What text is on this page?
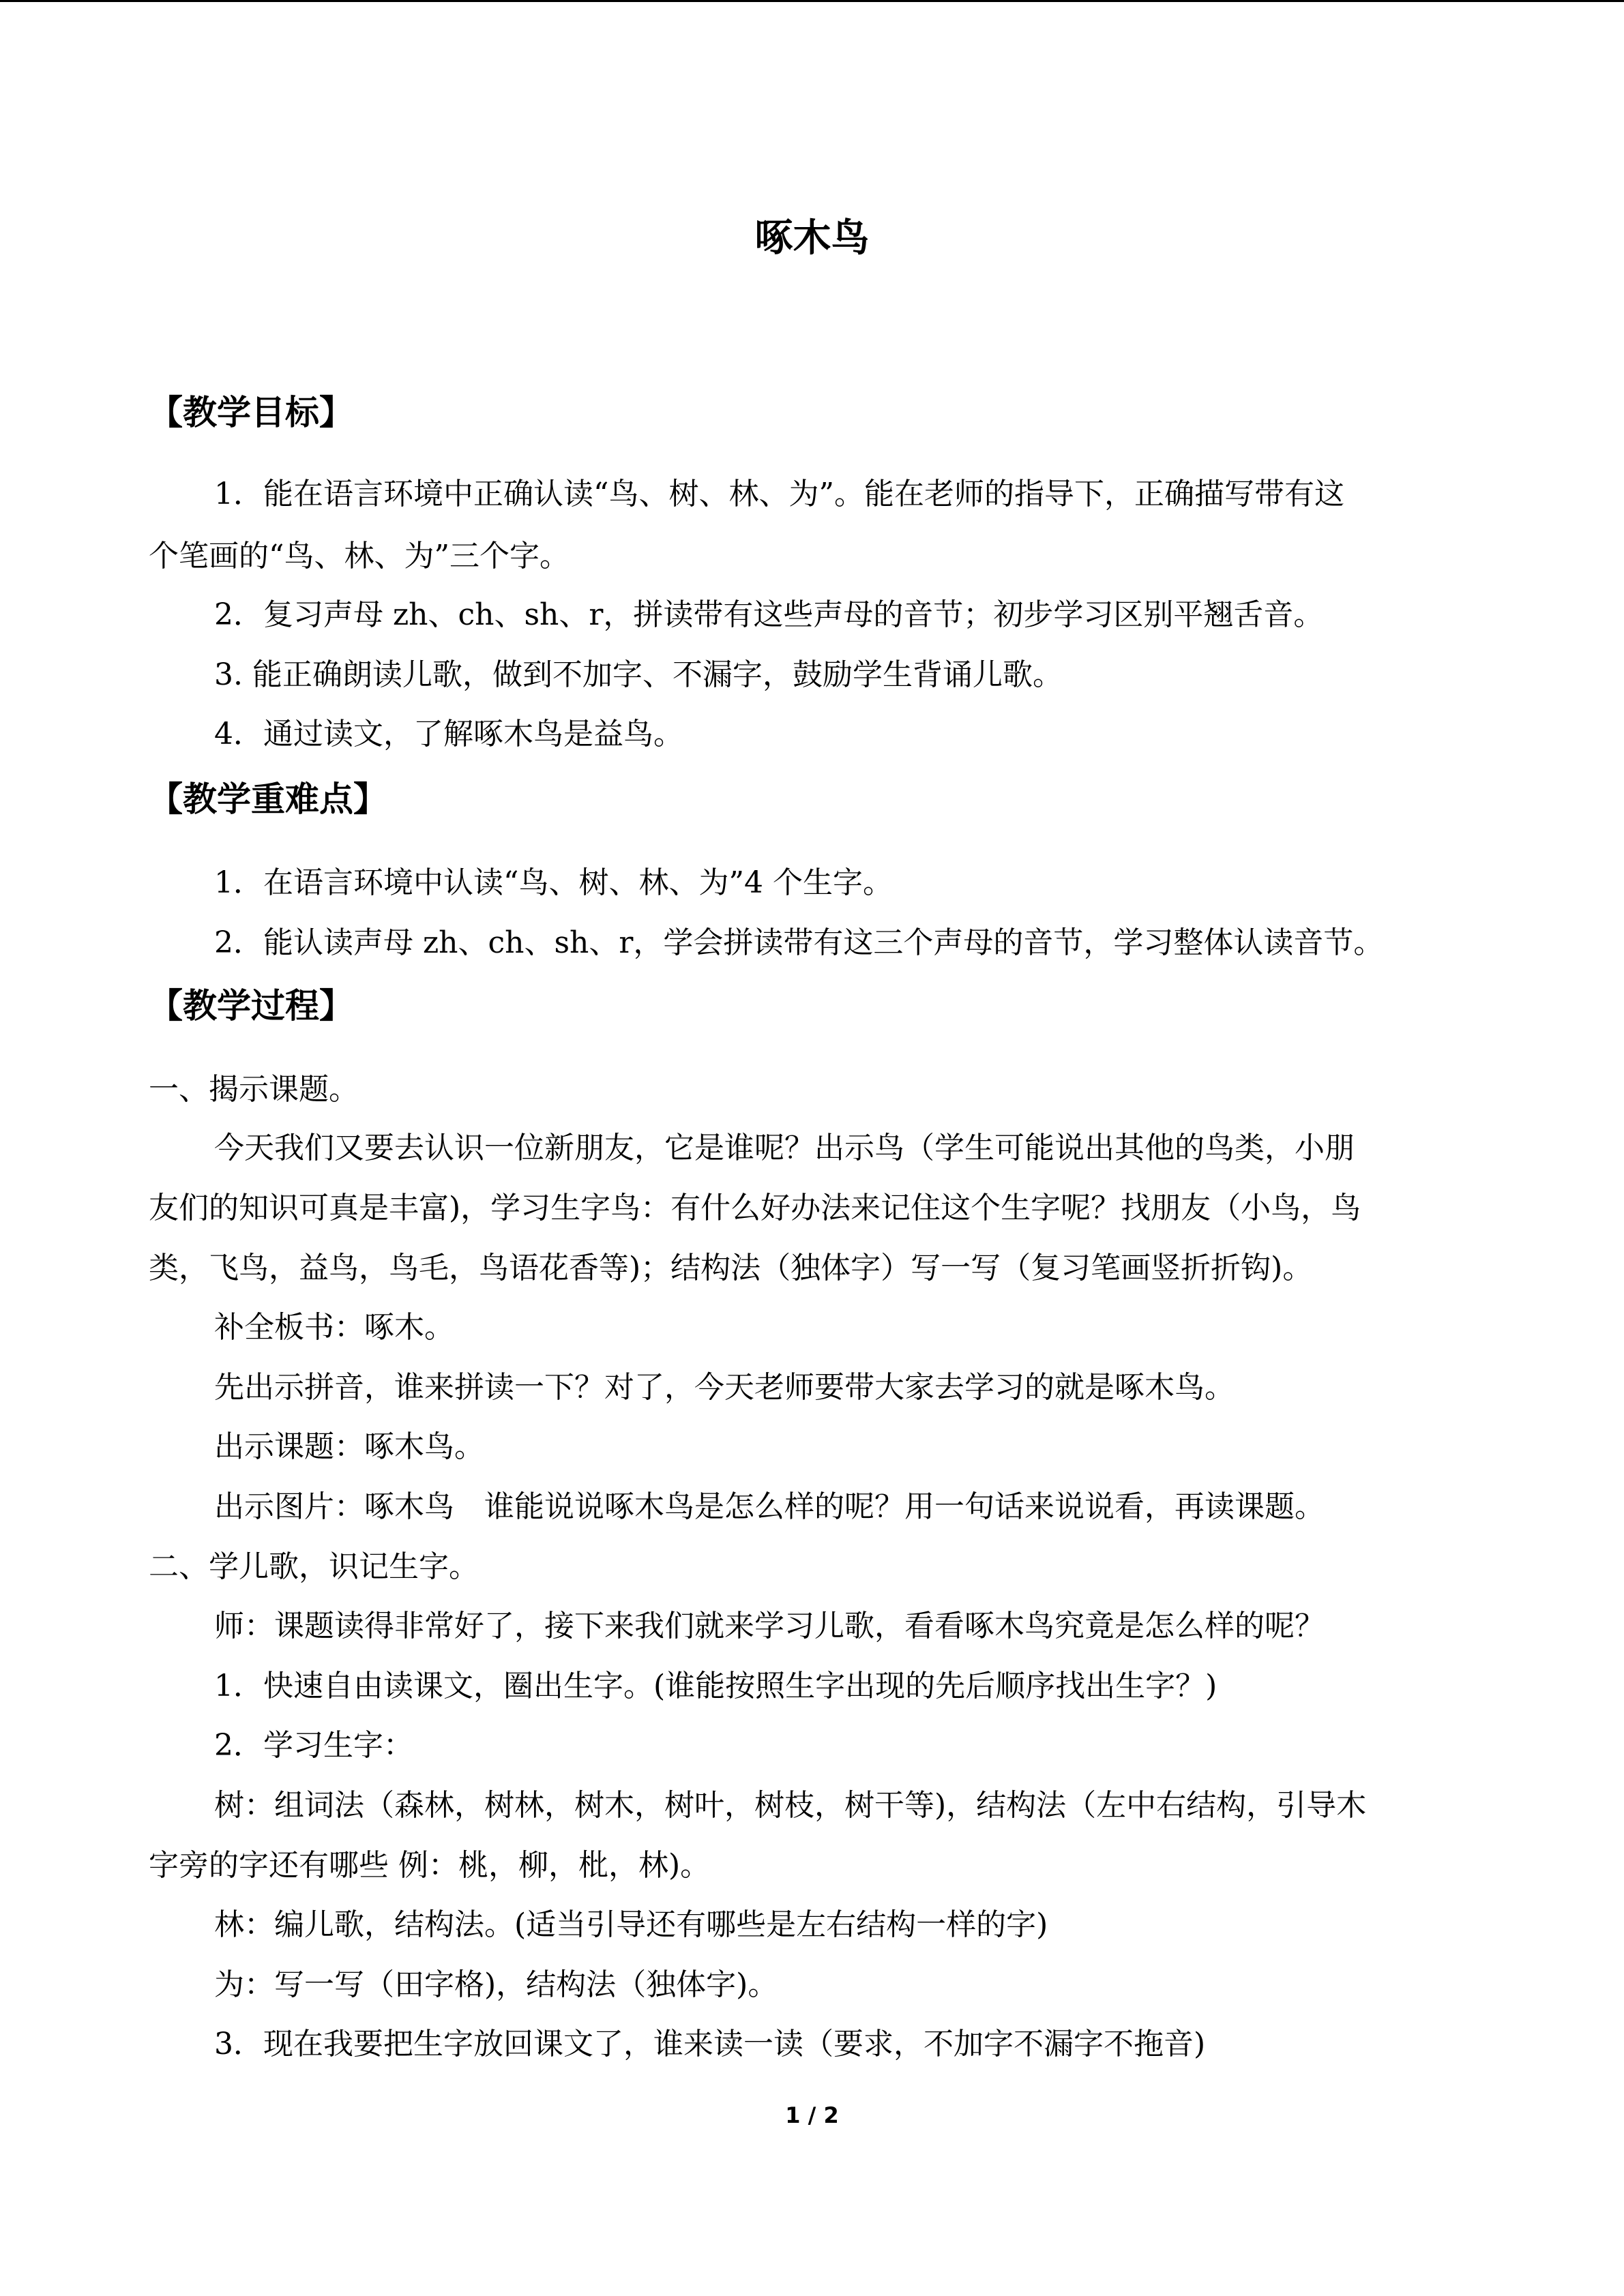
啄木鸟
【教学目标】
1．能在语言环境中正确认读“鸟、树、林、为”。能在老师的指导下，正确描写带有这
个笔画的“鸟、林、为”三个字。
2．复习声母 zh、ch、sh、r，拼读带有这些声母的音节；初步学习区别平翘舌音。
3. 能正确朗读儿歌，做到不加字、不漏字，鼓励学生背诵儿歌。
4．通过读文，了解啄木鸟是益鸟。
【教学重难点】
1．在语言环境中认读“鸟、树、林、为”4 个生字。
2．能认读声母 zh、ch、sh、r，学会拼读带有这三个声母的音节，学习整体认读音节。
【教学过程】
一、揭示课题。
今天我们又要去认识一位新朋友，它是谁呢？出示鸟（学生可能说出其他的鸟类，小朋
友们的知识可真是丰富)，学习生字鸟：有什么好办法来记住这个生字呢？找朋友（小鸟，鸟
类，飞鸟，益鸟，鸟毛，鸟语花香等)；结构法（独体字）写一写（复习笔画竖折折钩)。
补全板书：啄木。
先出示拼音，谁来拼读一下？对了，今天老师要带大家去学习的就是啄木鸟。
出示课题：啄木鸟。
出示图片：啄木鸟　谁能说说啄木鸟是怎么样的呢？用一句话来说说看，再读课题。
二、学儿歌，识记生字。
师：课题读得非常好了，接下来我们就来学习儿歌，看看啄木鸟究竟是怎么样的呢？
1．快速自由读课文，圈出生字。(谁能按照生字出现的先后顺序找出生字？)
2．学习生字：
树：组词法（森林，树林，树木，树叶，树枝，树干等)，结构法（左中右结构，引导木
字旁的字还有哪些 例：桃，柳，枇，林)。
林：编儿歌，结构法。(适当引导还有哪些是左右结构一样的字)
为：写一写（田字格)，结构法（独体字)。
3．现在我要把生字放回课文了，谁来读一读（要求，不加字不漏字不拖音)
1 / 2
